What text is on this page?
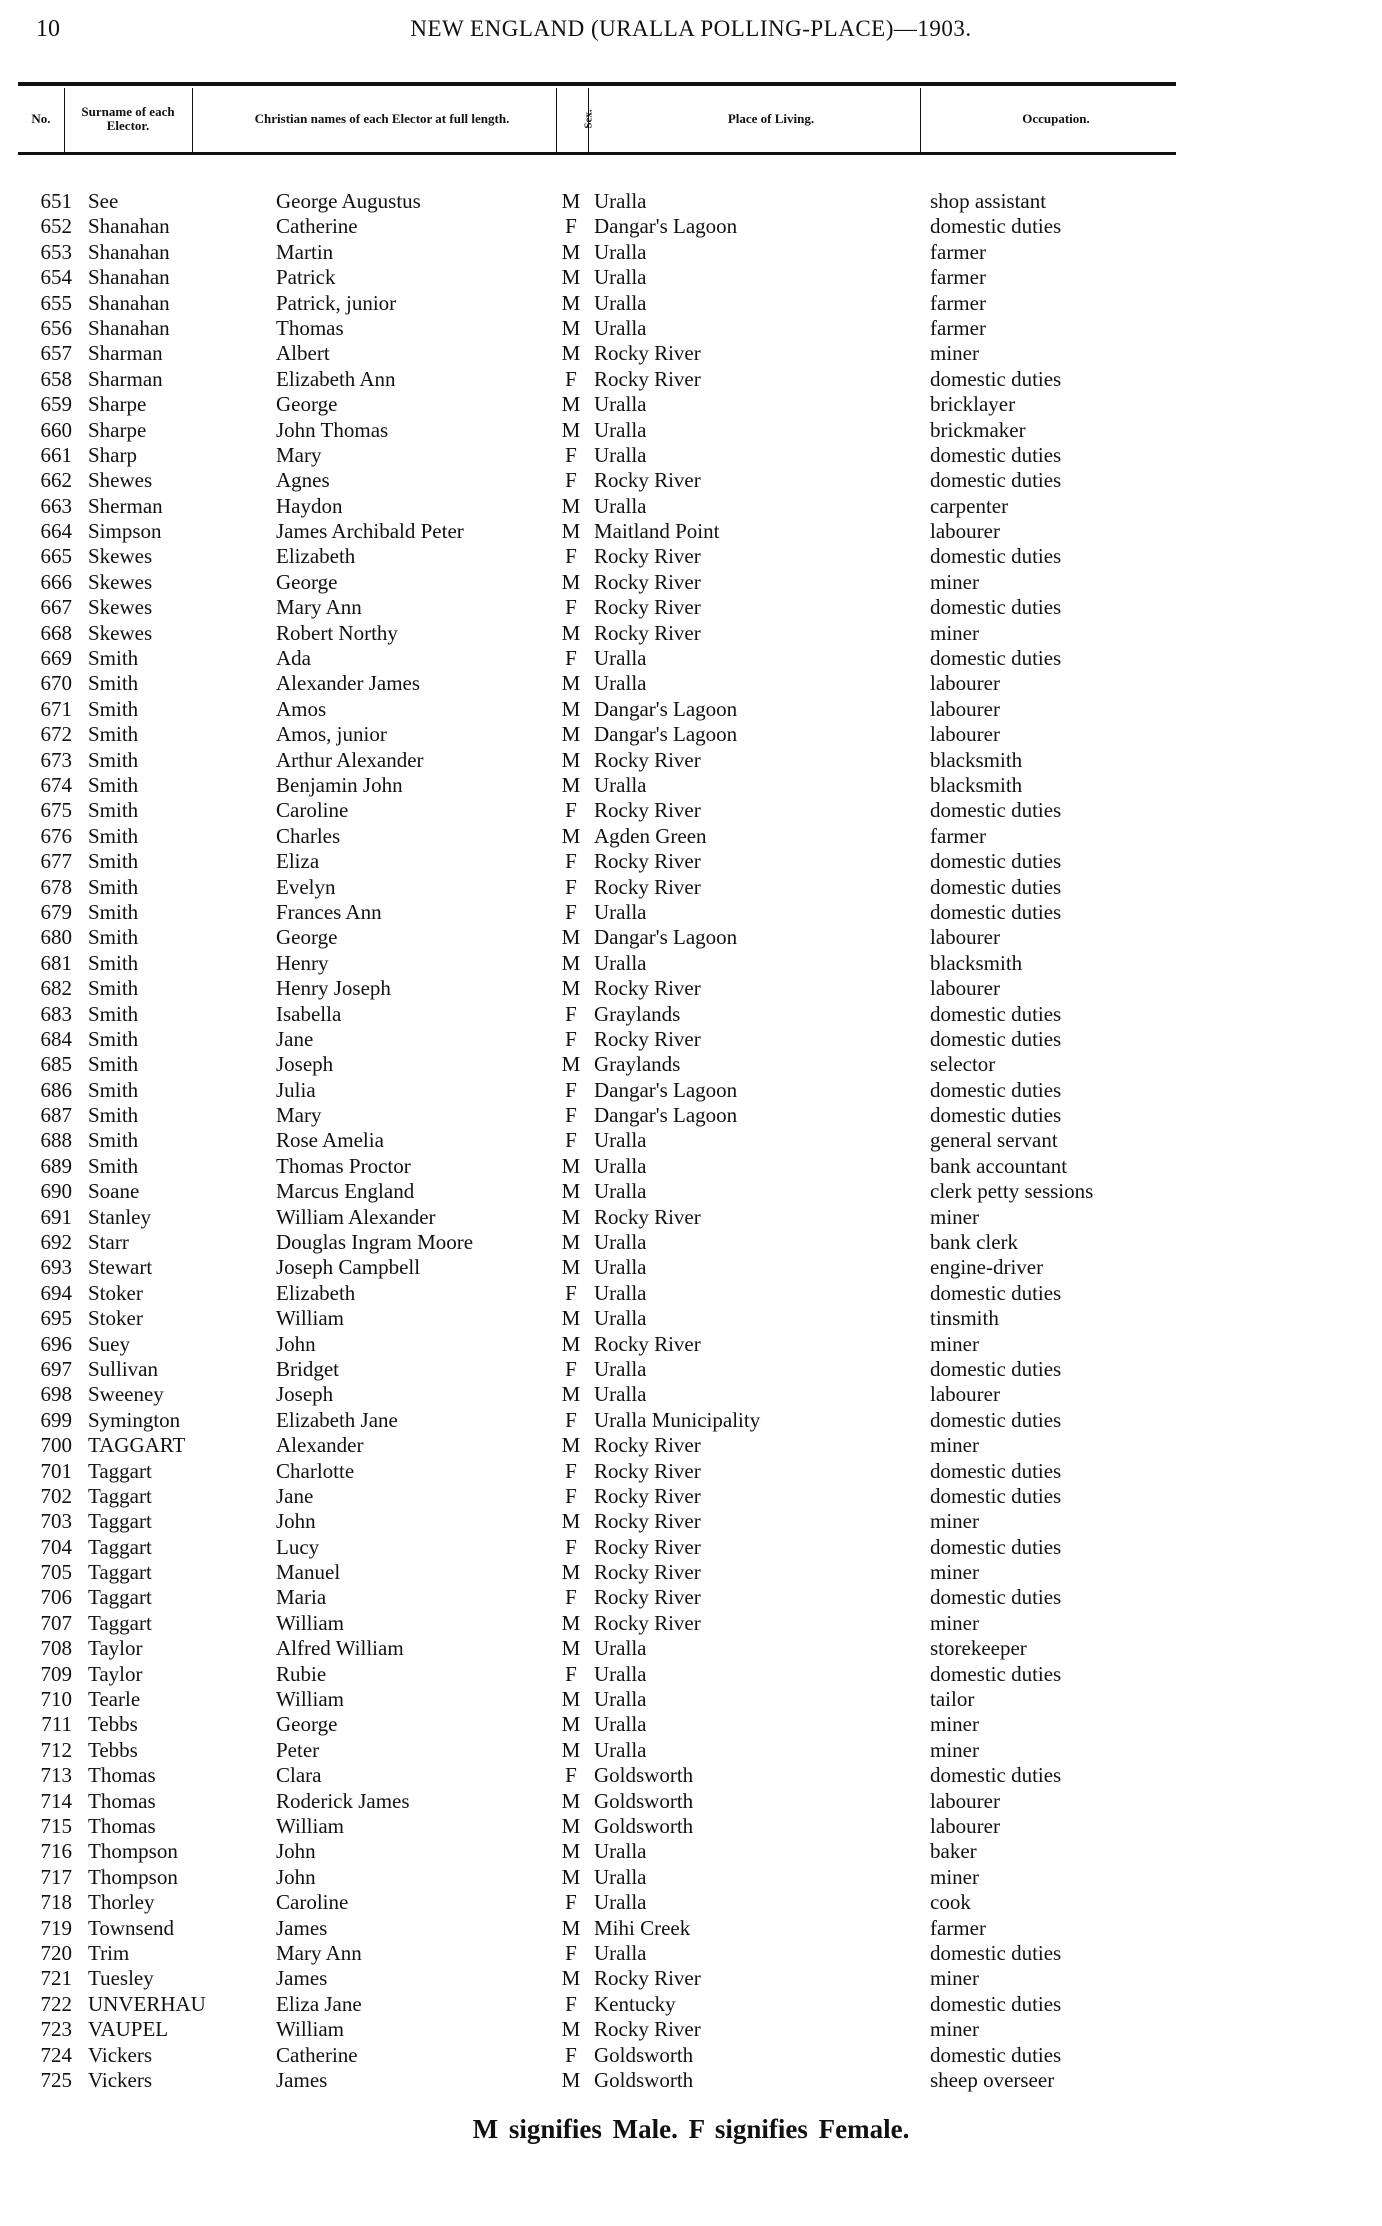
10	NEW ENGLAND (URALLA POLLING-PLACE)—1903.
No.	Surname of each Elector.	Christian names of each Elector at full length.	Sex.	Place of Living.	Occupation.
651 See	George Augustus	M Uralla	shop assistant
652 Shanahan	Catherine	F Dangar's Lagoon	domestic duties
653 Shanahan	Martin	M Uralla	farmer
654 Shanahan	Patrick	M Uralla	farmer
655 Shanahan	Patrick, junior	M Uralla	farmer
656 Shanahan	Thomas	M Uralla	farmer
657 Sharman	Albert	M Rocky River	miner
658 Sharman	Elizabeth Ann	F Rocky River	domestic duties
659 Sharpe	George	M Uralla	bricklayer
660 Sharpe	John Thomas	M Uralla	brickmaker
661 Sharp	Mary	F Uralla	domestic duties
662 Shewes	Agnes	F Rocky River	domestic duties
663 Sherman	Haydon	M Uralla	carpenter
664 Simpson	James Archibald Peter	M Maitland Point	labourer
665 Skewes	Elizabeth	F Rocky River	domestic duties
666 Skewes	George	M Rocky River	miner
667 Skewes	Mary Ann	F Rocky River	domestic duties
668 Skewes	Robert Northy	M Rocky River	miner
669 Smith	Ada	F Uralla	domestic duties
670 Smith	Alexander James	M Uralla	labourer
671 Smith	Amos	M Dangar's Lagoon	labourer
672 Smith	Amos, junior	M Dangar's Lagoon	labourer
673 Smith	Arthur Alexander	M Rocky River	blacksmith
674 Smith	Benjamin John	M Uralla	blacksmith
675 Smith	Caroline	F Rocky River	domestic duties
676 Smith	Charles	M Agden Green	farmer
677 Smith	Eliza	F Rocky River	domestic duties
678 Smith	Evelyn	F Rocky River	domestic duties
679 Smith	Frances Ann	F Uralla	domestic duties
680 Smith	George	M Dangar's Lagoon	labourer
681 Smith	Henry	M Uralla	blacksmith
682 Smith	Henry Joseph	M Rocky River	labourer
683 Smith	Isabella	F Graylands	domestic duties
684 Smith	Jane	F Rocky River	domestic duties
685 Smith	Joseph	M Graylands	selector
686 Smith	Julia	F Dangar's Lagoon	domestic duties
687 Smith	Mary	F Dangar's Lagoon	domestic duties
688 Smith	Rose Amelia	F Uralla	general servant
689 Smith	Thomas Proctor	M Uralla	bank accountant
690 Soane	Marcus England	M Uralla	clerk petty sessions
691 Stanley	William Alexander	M Rocky River	miner
692 Starr	Douglas Ingram Moore	M Uralla	bank clerk
693 Stewart	Joseph Campbell	M Uralla	engine-driver
694 Stoker	Elizabeth	F Uralla	domestic duties
695 Stoker	William	M Uralla	tinsmith
696 Suey	John	M Rocky River	miner
697 Sullivan	Bridget	F Uralla	domestic duties
698 Sweeney	Joseph	M Uralla	labourer
699 Symington	Elizabeth Jane	F Uralla Municipality	domestic duties
700 TAGGART	Alexander	M Rocky River	miner
701 Taggart	Charlotte	F Rocky River	domestic duties
702 Taggart	Jane	F Rocky River	domestic duties
703 Taggart	John	M Rocky River	miner
704 Taggart	Lucy	F Rocky River	domestic duties
705 Taggart	Manuel	M Rocky River	miner
706 Taggart	Maria	F Rocky River	domestic duties
707 Taggart	William	M Rocky River	miner
708 Taylor	Alfred William	M Uralla	storekeeper
709 Taylor	Rubie	F Uralla	domestic duties
710 Tearle	William	M Uralla	tailor
711 Tebbs	George	M Uralla	miner
712 Tebbs	Peter	M Uralla	miner
713 Thomas	Clara	F Goldsworth	domestic duties
714 Thomas	Roderick James	M Goldsworth	labourer
715 Thomas	William	M Goldsworth	labourer
716 Thompson	John	M Uralla	baker
717 Thompson	John	M Uralla	miner
718 Thorley	Caroline	F Uralla	cook
719 Townsend	James	M Mihi Creek	farmer
720 Trim	Mary Ann	F Uralla	domestic duties
721 Tuesley	James	M Rocky River	miner
722 UNVERHAU	Eliza Jane	F Kentucky	domestic duties
723 VAUPEL	William	M Rocky River	miner
724 Vickers	Catherine	F Goldsworth	domestic duties
725 Vickers	James	M Goldsworth	sheep overseer
M signifies Male. F signifies Female.
